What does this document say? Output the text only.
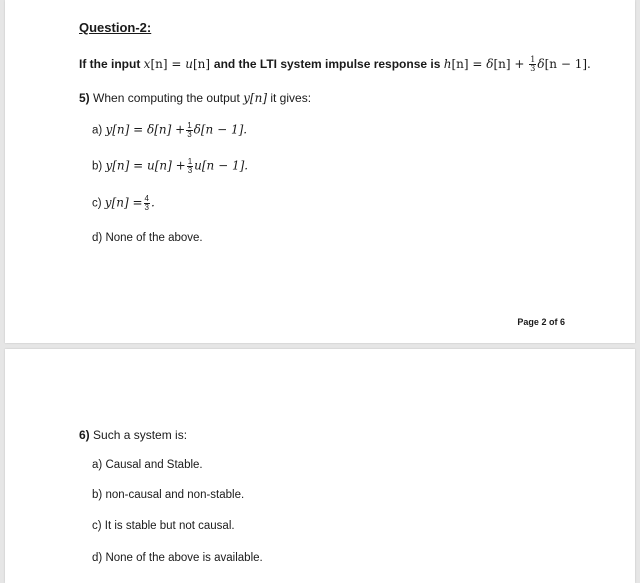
Question-2:
If the input x[n] = u[n] and the LTI system impulse response is $h[n] = \delta[n] + \frac{1}{3} \delta[n - 1]$.
5) When computing the output y[n] it gives:
a) $y[n] = \delta[n] + \frac{1}{3} \delta[n - 1]$.
b) $y[n] = u[n] + \frac{1}{3} u[n - 1]$.
c) $y[n] = \frac{4}{3}$ .
d) None of the above.
Page 2 of 6
6) Such a system is:
a) Causal and Stable.
b) non-causal and non-stable.
c) It is stable but not causal.
d) None of the above is available.
